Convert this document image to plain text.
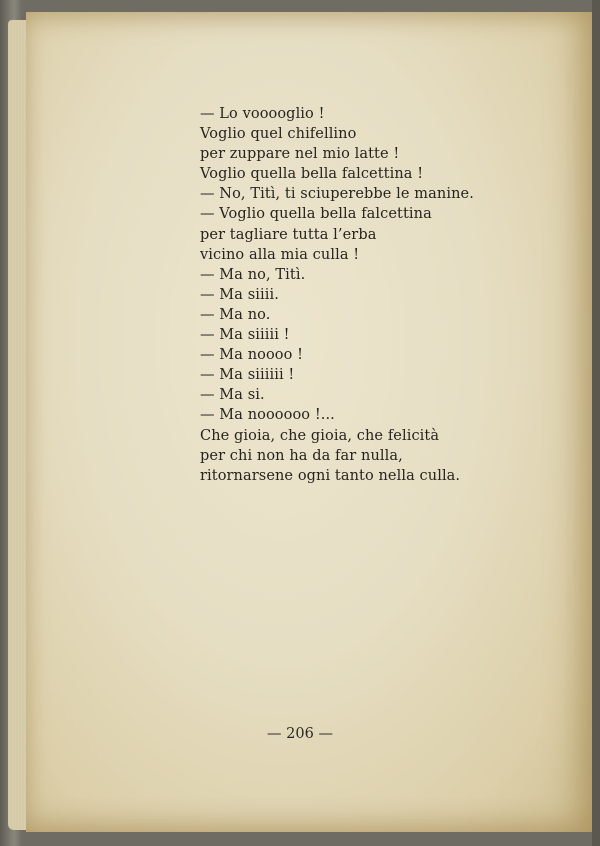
— Lo vooooglio !
Voglio quel chifellino
per zuppare nel mio latte !
Voglio quella bella falcettina !
— No, Titì, ti sciuperebbe le manine.
— Voglio quella bella falcettina
per tagliare tutta l’erba
vicino alla mia culla !
— Ma no, Titì.
— Ma siiii.
— Ma no.
— Ma siiiii !
— Ma noooo !
— Ma siiiiii !
— Ma si.
— Ma noooooo !...
Che gioia, che gioia, che felicità
per chi non ha da far nulla,
ritornarsene ogni tanto nella culla.
— 206 —
